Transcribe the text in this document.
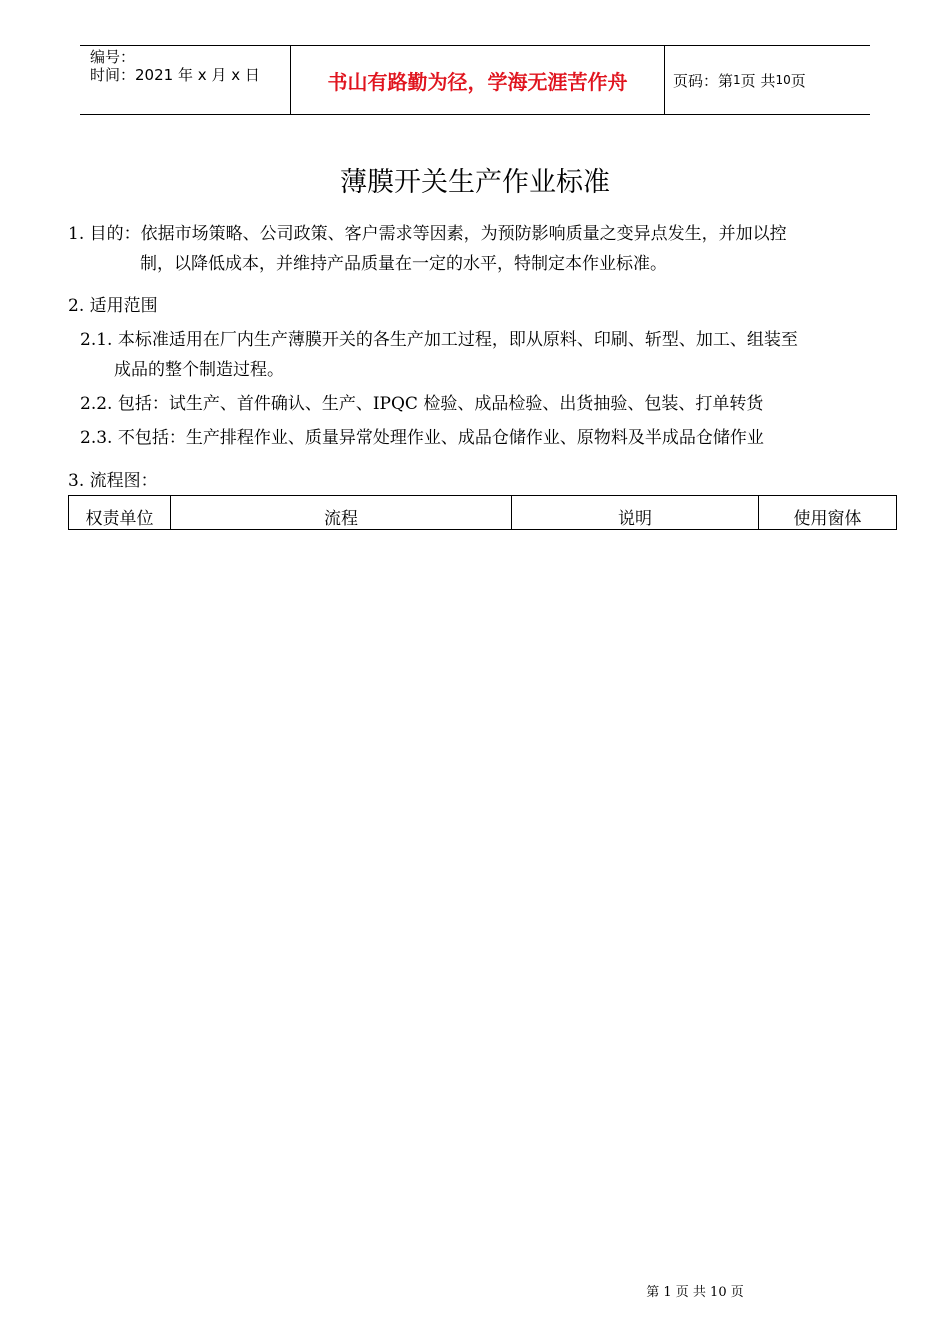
编号：
时间：2021 年 x 月 x 日	书山有路勤为径，学海无涯苦作舟	页码： 第 1 页 共 10 页
薄膜开关生产作业标准
1. 目的：依据市场策略、公司政策、客户需求等因素，为预防影响质量之变异点发生，并加以控
制，以降低成本，并维持产品质量在一定的水平，特制定本作业标准。
2. 适用范围
2.1. 本标准适用在厂内生产薄膜开关的各生产加工过程，即从原料、印刷、斩型、加工、组装至
成品的整个制造过程。
2.2. 包括：试生产、首件确认、生产、IPQC 检验、成品检验、出货抽验、包装、打单转货
2.3. 不包括：生产排程作业、质量异常处理作业、成品仓储作业、原物料及半成品仓储作业
3. 流程图：
权责单位	流程	说明	使用窗体
第 1 页 共 10 页
